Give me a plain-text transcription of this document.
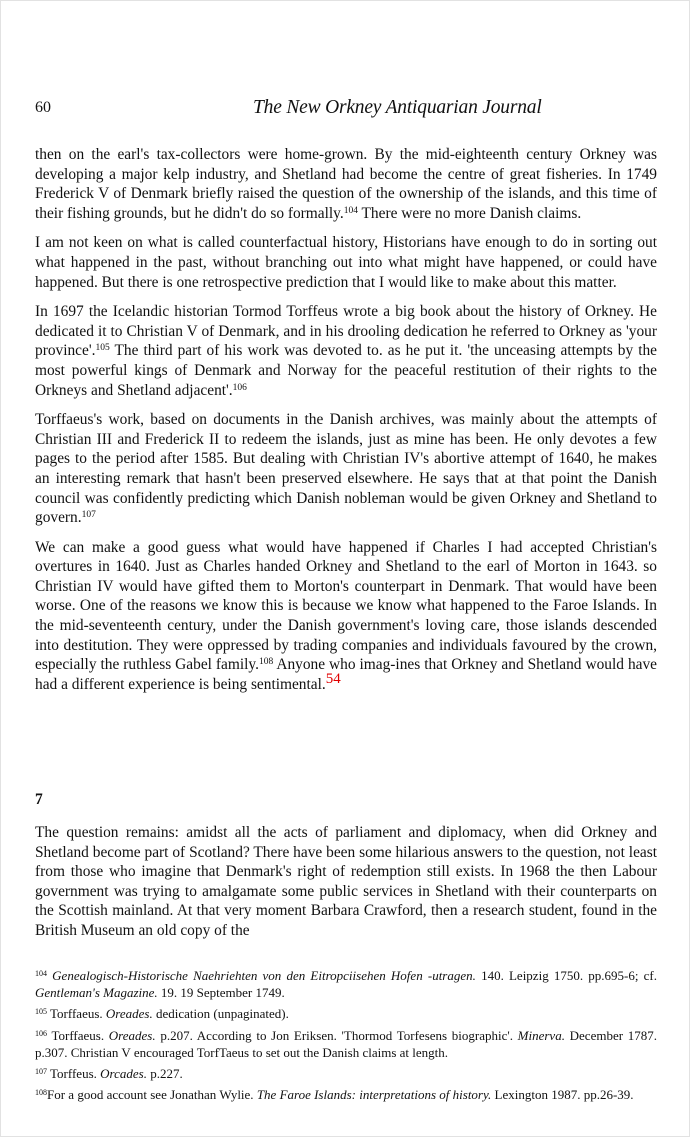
60	The New Orkney Antiquarian Journal

then on the earl's tax-collectors were home-grown. By the mid-eighteenth century Orkney was developing a major kelp industry, and Shetland had become the centre of great fisheries. In 1749 Frederick V of Denmark briefly raised the question of the ownership of the islands, and this time of their fishing grounds, but he didn't do so formally.$^{104}$ There were no more Danish claims.

I am not keen on what is called counterfactual history, Historians have enough to do in sorting out what happened in the past, without branching out into what might have happened, or could have happened. But there is one retrospective prediction that I would like to make about this matter.

In 1697 the Icelandic historian Tormod Torffeus wrote a big book about the history of Orkney. He dedicated it to Christian V of Denmark, and in his drooling dedication he referred to Orkney as 'your province'.$^{105}$ The third part of his work was devoted to. as he put it. 'the unceasing attempts by the most powerful kings of Denmark and Norway for the peaceful restitution of their rights to the Orkneys and Shetland adjacent'.$^{106}$

Torffaeus's work, based on documents in the Danish archives, was mainly about the attempts of Christian III and Frederick II to redeem the islands, just as mine has been. He only devotes a few pages to the period after 1585. But dealing with Christian IV's abortive attempt of 1640, he makes an interesting remark that hasn't been preserved elsewhere. He says that at that point the Danish council was confidently predicting which Danish nobleman would be given Orkney and Shetland to govern.$^{107}$

We can make a good guess what would have happened if Charles I had accepted Christian's overtures in 1640. Just as Charles handed Orkney and Shetland to the earl of Morton in 1643. so Christian IV would have gifted them to Morton's counterpart in Denmark. That would have been worse. One of the reasons we know this is because we know what happened to the Faroe Islands. In the mid-seventeenth century, under the Danish government's loving care, those islands descended into destitution. They were oppressed by trading companies and individuals favoured by the crown, especially the ruthless Gabel family.$^{108}$ Anyone who imag-ines that Orkney and Shetland would have had a different experience is being sentimental.54

7

The question remains: amidst all the acts of parliament and diplomacy, when did Orkney and Shetland become part of Scotland? There have been some hilarious answers to the question, not least from those who imagine that Denmark's right of redemption still exists. In 1968 the then Labour government was trying to amalgamate some public services in Shetland with their counterparts on the Scottish mainland. At that very moment Barbara Crawford, then a research student, found in the British Museum an old copy of the

$^{104}$ Genealogisch-Historische Naehriehten von den Eitropciisehen Hofen -utragen. 140. Leipzig 1750. pp.695-6; cf. Gentleman's Magazine. 19. 19 September 1749.

$^{105}$ Torffaeus. Oreades. dedication (unpaginated).

$^{106}$ Torffaeus. Oreades. p.207. According to Jon Eriksen. 'Thormod Torfesens biographic'. Minerva. December 1787. p.307. Christian V encouraged TorfTaeus to set out the Danish claims at length.

$^{107}$ Torffeus. Orcades. p.227.

$^{108}$For a good account see Jonathan Wylie. The Faroe Islands: interpretations of history. Lexington 1987. pp.26-39.
